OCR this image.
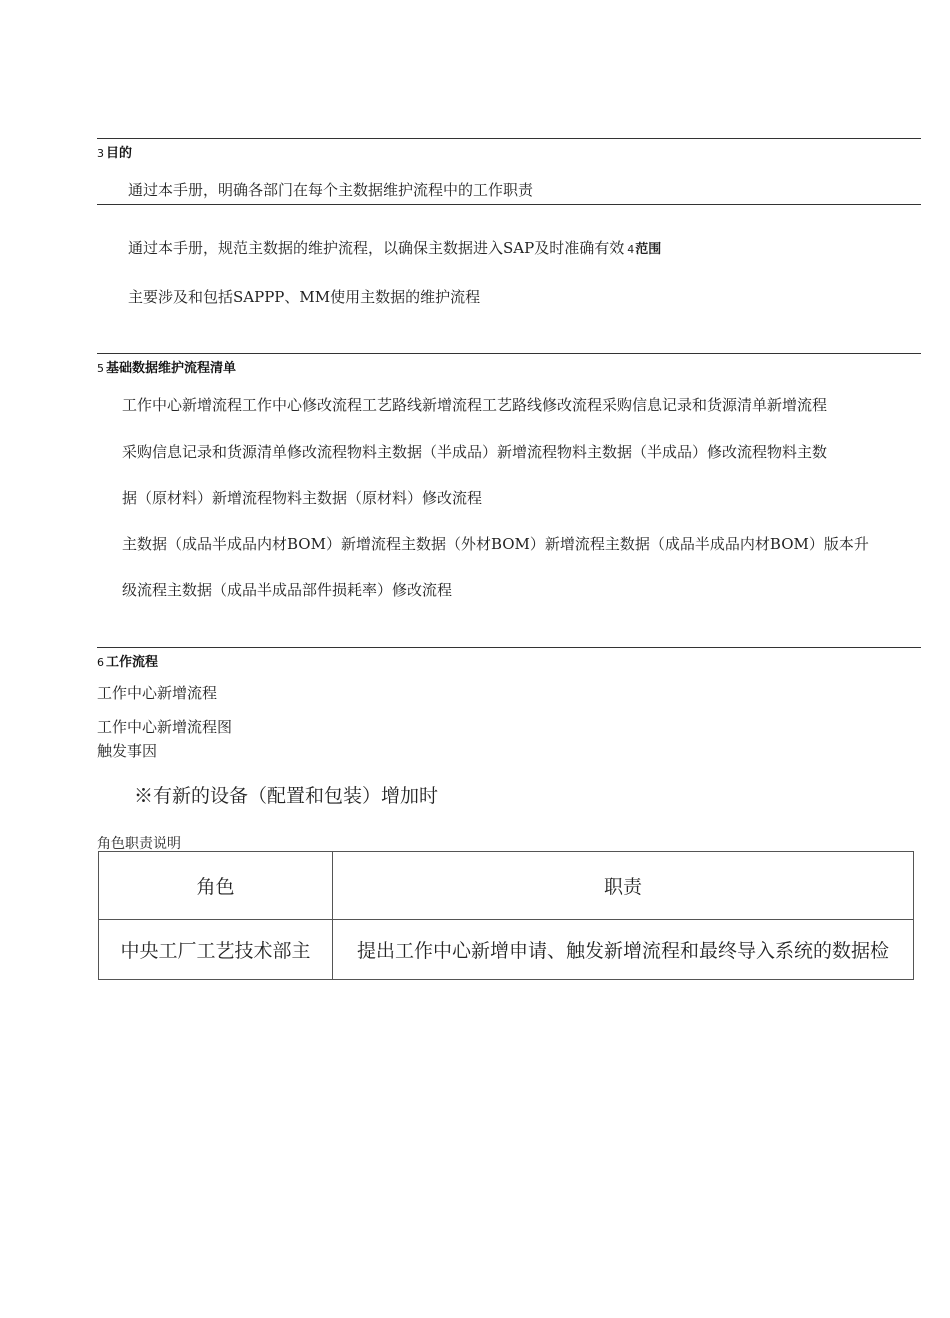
3 目的
通过本手册，明确各部门在每个主数据维护流程中的工作职责
通过本手册，规范主数据的维护流程，以确保主数据进入SAP及时准确有效 4范围
主要涉及和包括SAPPP、MM使用主数据的维护流程
5 基础数据维护流程清单
工作中心新增流程工作中心修改流程工艺路线新增流程工艺路线修改流程采购信息记录和货源清单新增流程
采购信息记录和货源清单修改流程物料主数据（半成品）新增流程物料主数据（半成品）修改流程物料主数
据（原材料）新增流程物料主数据（原材料）修改流程
主数据（成品半成品内材BOM）新增流程主数据（外材BOM）新增流程主数据（成品半成品内材BOM）版本升
级流程主数据（成品半成品部件损耗率）修改流程
6 工作流程
工作中心新增流程
工作中心新增流程图
触发事因
※有新的设备（配置和包装）增加时
角色职责说明
角色	职责
中央工厂工艺技术部主	提出工作中心新增申请、触发新增流程和最终导入系统的数据检
